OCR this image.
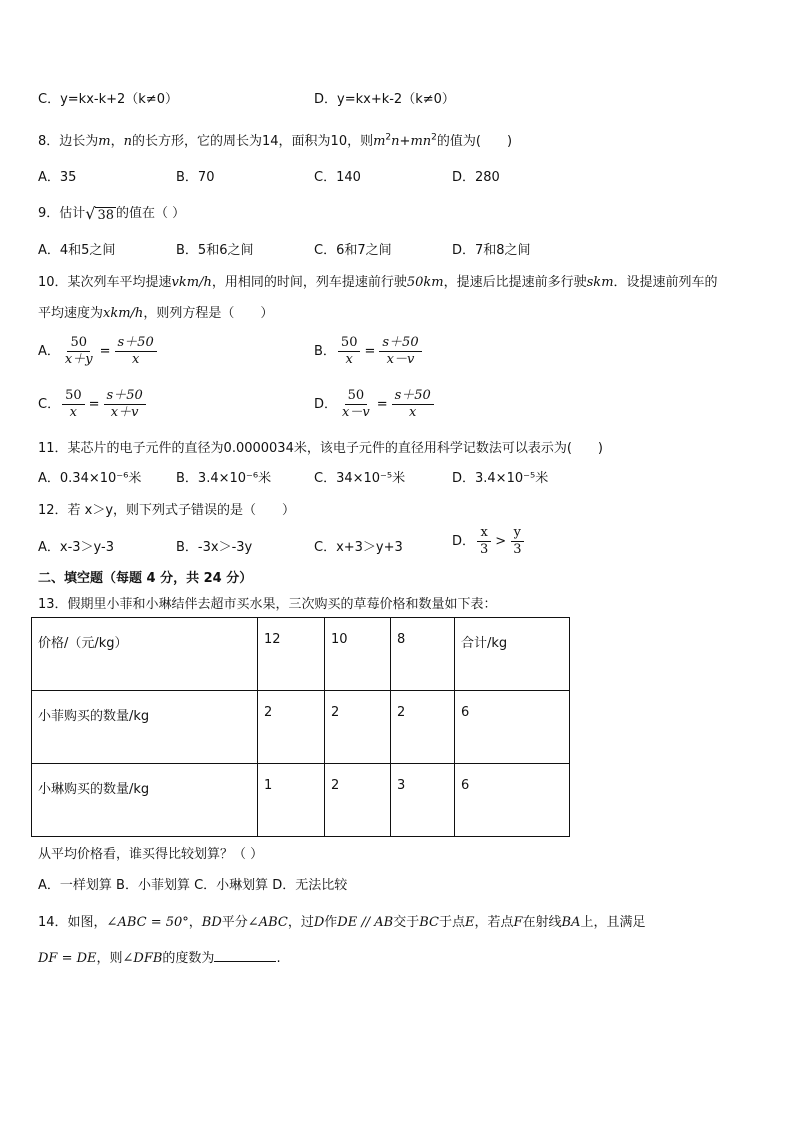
C．y=kx-k+2（k≠0）	D．y=kx+k-2（k≠0）
8．边长为m，n的长方形，它的周长为14，面积为10，则$m^2n+mn^2$的值为(　　)
A．35	B．70	C．140	D．280
9．估计√ 38 的值在（ ）
A．4和5之间	B．5和6之间	C．6和7之间	D．7和8之间
10．某次列车平均提速vkm/h，用相同的时间，列车提速前行驶50km，提速后比提速前多行驶skm．设提速前列车的
平均速度为xkm/h，则列方程是（　　）
A． $\frac{50}{x+y} = \frac{s+50}{x}$	B． $\frac{50}{x} = \frac{s+50}{x-v}$
C． $\frac{50}{x} = \frac{s+50}{x+v}$	D． $\frac{50}{x-v} = \frac{s+50}{x}$
11．某芯片的电子元件的直径为0.0000034米，该电子元件的直径用科学记数法可以表示为(　　)
A．0.34×10⁻⁶米	B．3.4×10⁻⁶米	C．34×10⁻⁵米	D．3.4×10⁻⁵米
12．若 x＞y，则下列式子错误的是（　　）
A．x-3＞y-3	B．-3x＞-3y	C．x+3＞y+3	D． $\frac{x}{3} > \frac{y}{3}$
二、填空题（每题 4 分，共 24 分）
13．假期里小菲和小琳结伴去超市买水果，三次购买的草莓价格和数量如下表：
价格/（元/kg）	12	10	8	合计/kg
小菲购买的数量/kg	2	2	2	6
小琳购买的数量/kg	1	2	3	6
从平均价格看，谁买得比较划算？（ ）
A．一样划算 B．小菲划算 C．小琳划算 D．无法比较
14．如图，∠ABC = 50°，BD平分∠ABC，过D作DE // AB交于BC于点E，若点F在射线BA上，且满足
DF = DE，则∠DFB的度数为	.
